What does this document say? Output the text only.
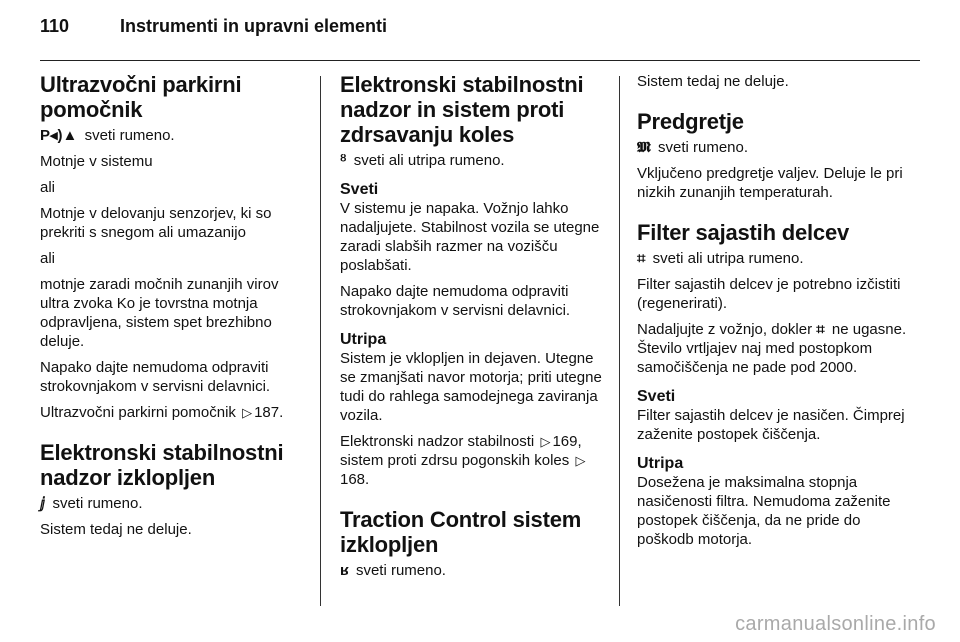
110	Instrumenti in upravni elementi
Ultrazvočni parkirni
pomočnik

P◂)▲ sveti rumeno.

Motnje v sistemu

ali

Motnje v delovanju senzorjev, ki so prekriti s snegom ali umazanijo

ali

motnje zaradi močnih zunanjih virov ultra zvoka Ko je tovrstna motnja odpravljena, sistem spet brezhibno deluje.

Napako dajte nemudoma odpraviti strokovnjakom v servisni delavnici.

Ultrazvočni parkirni pomočnik ▷ 187.

Elektronski stabilnostni
nadzor izklopljen

ⅉ sveti rumeno.

Sistem tedaj ne deluje.

Elektronski stabilnostni
nadzor in sistem proti
zdrsavanju koles

ᴽ sveti ali utripa rumeno.

Sveti

V sistemu je napaka. Vožnjo lahko nadaljujete. Stabilnost vozila se utegne zaradi slabših razmer na vozišču poslabšati.

Napako dajte nemudoma odpraviti strokovnjakom v servisni delavnici.

Utripa

Sistem je vklopljen in dejaven. Utegne se zmanjšati navor motorja; priti utegne tudi do rahlega samodejnega zaviranja vozila.

Elektronski nadzor stabilnosti ▷ 169, sistem proti zdrsu pogonskih koles ▷168.

Traction Control sistem
izklopljen

ʁ sveti rumeno.

Sistem tedaj ne deluje.

Predgretje

𝕸 sveti rumeno.

Vključeno predgretje valjev. Deluje le pri nizkih zunanjih temperaturah.

Filter sajastih delcev

⌗ sveti ali utripa rumeno.

Filter sajastih delcev je potrebno izčistiti (regenerirati).

Nadaljujte z vožnjo, dokler ⌗ ne ugasne. Število vrtljajev naj med postopkom samočiščenja ne pade pod 2000.

Sveti

Filter sajastih delcev je nasičen. Čimprej zaženite postopek čiščenja.

Utripa

Dosežena je maksimalna stopnja nasičenosti filtra. Nemudoma zaženite postopek čiščenja, da ne pride do poškodb motorja.

carmanualsonline.info
